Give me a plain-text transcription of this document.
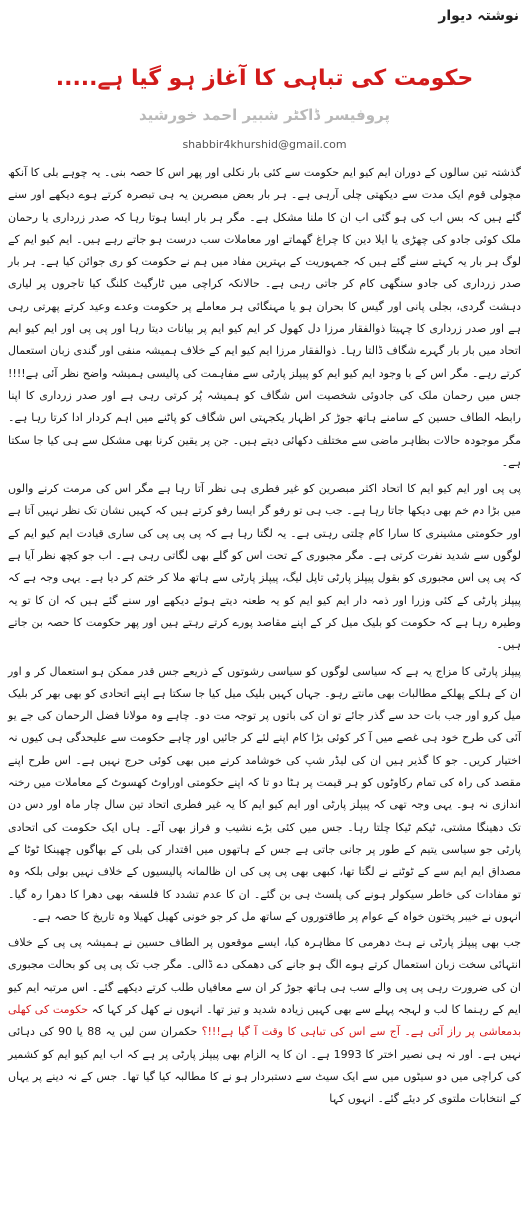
نوشتہ دیوار
حکومت کی تباہی کا آغاز ہو گیا ہے.....
پروفیسر ڈاکٹر شبیر احمد خورشید
shabbir4khurshid@gmail.com

گذشتہ تین سالوں کے دوران ایم کیو ایم حکومت سے کئی بار نکلی اور پھر اس کا حصہ بنی۔ یہ چوہے بلی کا آنکھ مچولی قوم ایک مدت سے دیکھتی چلی آرہی ہے۔ ہر بار بعض مبصرین یہ ہی تبصرہ کرتے ہوے دیکھے اور سنے گئے ہیں کہ بس اب کی ہو گئی اب ان کا ملنا مشکل ہے۔ مگر ہر بار ایسا ہوتا رہا کہ صدر زرداری یا رحمان ملک کوئی جادو کی چھڑی یا ایلا دین کا چراغ گھماتے اور معاملات سب درست ہو جاتے رہے ہیں۔ ایم کیو ایم کے لوگ ہر بار یہ کہتے سنے گئے ہیں کہ جمہوریت کے بہترین مفاد میں ہم نے حکومت کو ری جوائن کیا ہے۔ ہر بار صدر زرداری کی جادو سنگھی کام کر جاتی رہی ہے۔ حالانکہ کراچی میں ٹارگیٹ کلنگ کیا تاجروں پر لیاری دہشت گردی، بجلی پانی اور گیس کا بحران ہو یا مہنگائی ہر معاملے پر حکومت وعدے وعید کرتے پھرتی رہی ہے اور صدر زرداری کا چہیتا ذوالفقار مرزا دل کھول کر ایم کیو ایم پر بیانات دیتا رہا اور پی پی اور ایم کیو ایم اتحاد میں بار بار گہرے شگاف ڈالتا رہا۔ ذوالفقار مرزا ایم کیو ایم کے خلاف ہمیشہ منفی اور گندی زبان استعمال کرتے رہے۔ مگر اس کے با وجود ایم کیو ایم کو پیپلز پارٹی سے مفاہمت کی پالیسی ہمیشہ واضح نظر آئی ہے!!!! جس میں رحمان ملک کی جادوئی شخصیت اس شگاف کو ہمیشہ پُر کرتی رہی ہے اور صدر زرداری کا اپنا رابطہ الطاف حسین کے سامنے ہاتھ جوڑ کر اظہار یکجہتی اس شگاف کو پاٹنے میں اہم کردار ادا کرتا رہا ہے۔ مگر موجودہ حالات بظاہر ماضی سے مختلف دکھائی دیتے ہیں۔ جن پر یقین کرنا بھی مشکل سے ہی کیا جا سکتا ہے۔

پی پی اور ایم کیو ایم کا اتحاد اکثر مبصرین کو غیر فطری ہی نظر آتا رہا ہے مگر اس کی مرمت کرنے والوں میں بڑا دم خم بھی دیکھا جاتا رہا ہے۔ جب ہی تو رفو گر ایسا رفو کرتے ہیں کہ کہیں نشان تک نظر نہیں آتا ہے اور حکومتی مشینری کا سارا کام چلتی رہتی ہے۔ یہ لگتا رہا ہے کہ پی پی پی کی ساری قیادت ایم کیو ایم کے لوگوں سے شدید نفرت کرتی ہے۔ مگر مجبوری کے تحت اس کو گلے بھی لگاتی رہی ہے۔ اب جو کچھ نظر آیا ہے کہ پی پی اس مجبوری کو بقول پیپلز پارٹی تاپل لیگ، پیپلز پارٹی سے ہاتھ ملا کر ختم کر دیا ہے۔ یہی وجہ ہے کہ پیپلز پارٹی کے کئی وزرا اور ذمہ دار ایم کیو ایم کو یہ طعنہ دیتے ہوئے دیکھے اور سنے گئے ہیں کہ ان کا تو یہ وطیرہ رہا ہے کہ حکومت کو بلیک میل کر کے اپنے مقاصد پورے کرتے رہتے ہیں اور پھر حکومت کا حصہ بن جاتے ہیں۔

پیپلز پارٹی کا مزاج یہ ہے کہ سیاسی لوگوں کو سیاسی رشوتوں کے ذریعے جس قدر ممکن ہو استعمال کر و اور ان کے ہلکے پھلکے مطالبات بھی مانتے رہو۔ جہاں کہیں بلیک میل کیا جا سکتا ہے اپنے اتحادی کو بھی بھر کر بلیک میل کرو اور جب بات حد سے گذر جائے تو ان کی باتوں پر توجہ مت دو۔ چاہے وہ مولانا فضل الرحمان کی جے یو آئی کی طرح خود ہی غصے میں آ کر کوئی بڑا کام اپنے لئے کر جائیں اور چاہے حکومت سے علیحدگی ہی کیوں نہ اختیار کریں۔ جو کا گذیر ہیں ان کی لیڈر شپ کی خوشامد کرنے میں بھی کوئی حرج نہیں ہے۔ اس طرح اپنے مقصد کی راہ کی تمام رکاوٹوں کو ہر قیمت پر ہٹا دو تا کہ اپنے حکومتی اوراوٹ کھسوٹ کے معاملات میں رخنہ اندازی نہ ہو۔ یہی وجہ تھی کہ پیپلز پارٹی اور ایم کیو ایم کا یہ غیر فطری اتحاد تین سال چار ماہ اور دس دن تک دھینگا مشتی، ٹیکم ٹیکا چلتا رہا۔ جس میں کئی بڑے نشیب و فراز بھی آئے۔ ہاں ایک حکومت کی اتحادی پارٹی جو سیاسی یتیم کے طور پر جانی جاتی ہے جس کے ہاتھوں میں اقتدار کی بلی کے بھاگوں چھینکا ٹوٹا کے مصداق ایم ایم سے کے ٹوٹنے نے لگتا تھا، کبھی بھی پی پی کی ان ظالمانہ پالیسیوں کے خلاف نہیں بولی بلکہ وہ تو مفادات کی خاطر سیکولر ہونے کی پلسٹ ہی بن گئے۔ ان کا عدم تشدد کا فلسفہ بھی دھرا کا دھرا رہ گیا۔ انہوں نے خیبر پختون خواہ کے عوام پر طاقتوروں کے ساتھ مل کر جو خونی کھیل کھیلا وہ تاریخ کا حصہ ہے۔

جب بھی پیپلز پارٹی نے ہٹ دھرمی کا مظاہرہ کیا، ایسے موقعوں پر الطاف حسین نے ہمیشہ پی پی کے خلاف انتہائی سخت زبان استعمال کرتے ہوے الگ ہو جانے کی دھمکی دے ڈالی۔ مگر جب تک پی پی کو بحالت مجبوری ان کی ضرورت رہی پی پی والے سب ہی ہاتھ جوڑ کر ان سے معافیاں طلب کرتے دیکھے گئے۔ اس مرتبہ ایم کیو ایم کے رہنما کا لب و لہجہ پہلے سے بھی کہیں زیادہ شدید و تیز تھا۔ انہوں نے کھل کر کہا کہ حکومت کی کھلی بدمعاشی پر راز آئی ہے۔ آج سے اس کی تباہی کا وقت آ گیا ہے!!!؟ حکمران سن لیں یہ 88 یا 90 کی دہائی نہیں ہے۔ اور نہ ہی نصیر اختر کا 1993 ہے۔ ان کا یہ الزام بھی پیپلز پارٹی پر ہے کہ اب ایم کیو ایم کو کشمیر کی کراچی میں دو سیٹوں میں سے ایک سیٹ سے دستبردار ہو نے کا مطالبہ کیا گیا تھا۔ جس کے نہ دینے پر یہاں کے انتخابات ملتوی کر دیئے گئے۔ انہوں کہا
